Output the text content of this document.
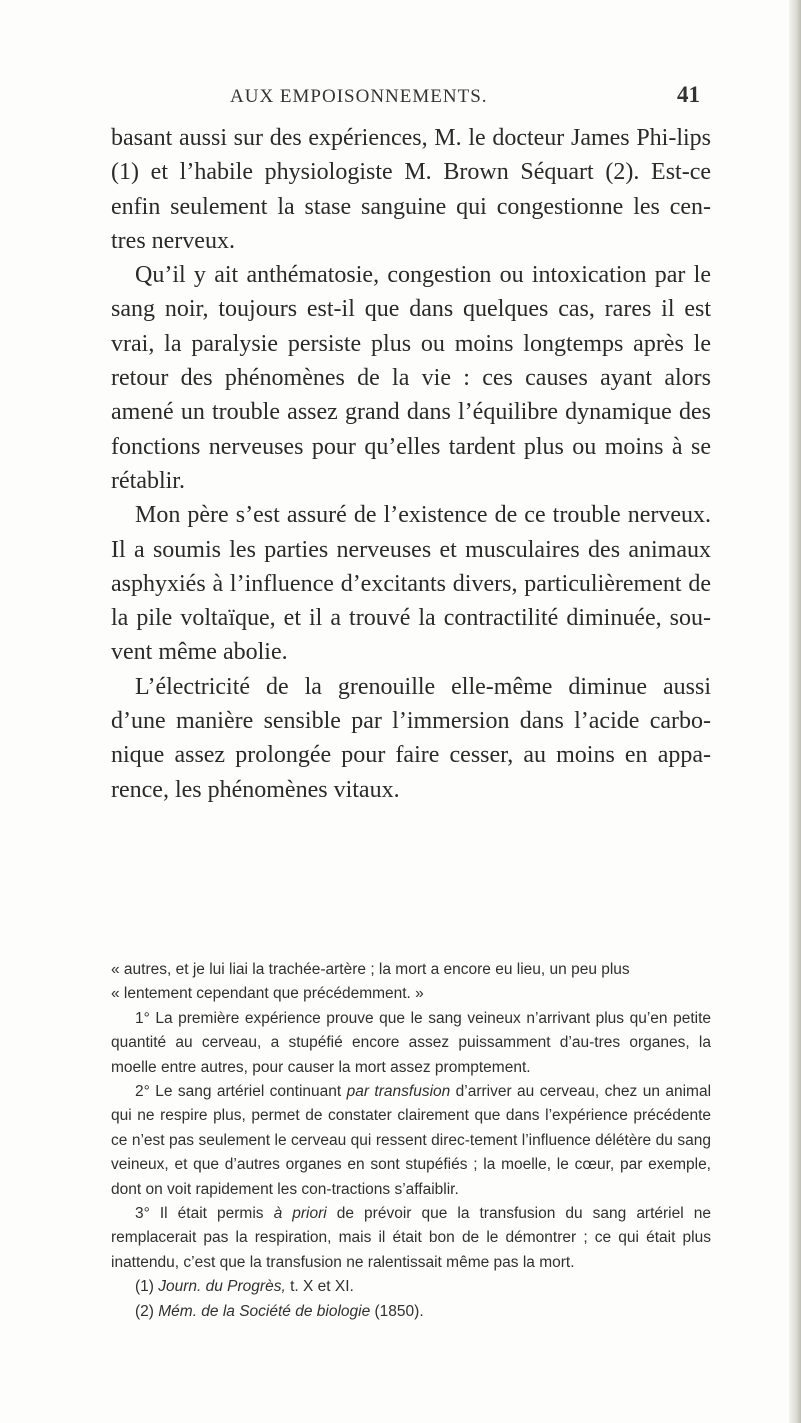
AUX EMPOISONNEMENTS.	41

basant aussi sur des expériences, M. le docteur James Phi-lips (1) et l’habile physiologiste M. Brown Séquart (2). Est-ce enfin seulement la stase sanguine qui congestionne les cen-tres nerveux.

Qu’il y ait anthématosie, congestion ou intoxication par le sang noir, toujours est-il que dans quelques cas, rares il est vrai, la paralysie persiste plus ou moins longtemps après le retour des phénomènes de la vie : ces causes ayant alors amené un trouble assez grand dans l’équilibre dynamique des fonctions nerveuses pour qu’elles tardent plus ou moins à se rétablir.

Mon père s’est assuré de l’existence de ce trouble nerveux. Il a soumis les parties nerveuses et musculaires des animaux asphyxiés à l’influence d’excitants divers, particulièrement de la pile voltaïque, et il a trouvé la contractilité diminuée, sou-vent même abolie.

L’électricité de la grenouille elle-même diminue aussi d’une manière sensible par l’immersion dans l’acide carbo-nique assez prolongée pour faire cesser, au moins en appa-rence, les phénomènes vitaux.

« autres, et je lui liai la trachée-artère ; la mort a encore eu lieu, un peu plus

« lentement cependant que précédemment. »

1° La première expérience prouve que le sang veineux n’arrivant plus qu’en petite quantité au cerveau, a stupéfié encore assez puissamment d’au-tres organes, la moelle entre autres, pour causer la mort assez promptement.

2° Le sang artériel continuant par transfusion d’arriver au cerveau, chez un animal qui ne respire plus, permet de constater clairement que dans l’expérience précédente ce n’est pas seulement le cerveau qui ressent direc-tement l’influence délétère du sang veineux, et que d’autres organes en sont stupéfiés ; la moelle, le cœur, par exemple, dont on voit rapidement les con-tractions s’affaiblir.

3° Il était permis à priori de prévoir que la transfusion du sang artériel ne remplacerait pas la respiration, mais il était bon de le démontrer ; ce qui était plus inattendu, c’est que la transfusion ne ralentissait même pas la mort.

(1) Journ. du Progrès, t. X et XI.

(2) Mém. de la Société de biologie (1850).
